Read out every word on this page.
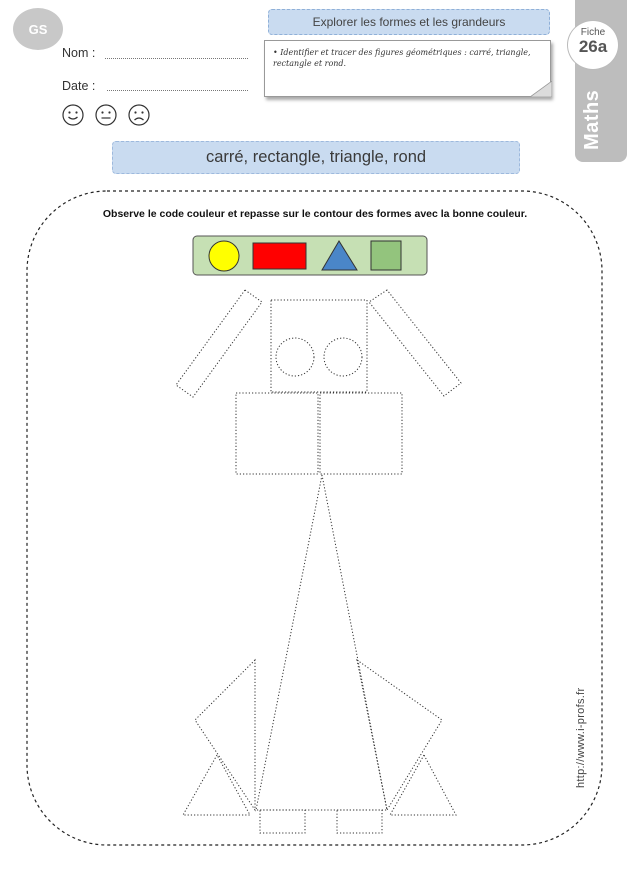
GS
Nom :
Date :
Explorer les formes et les grandeurs
• Identifier et tracer des figures géométriques : carré, triangle, rectangle et rond.
Fiche
26a
Maths
carré, rectangle, triangle, rond
Observe le code couleur et repasse sur le contour des formes avec la bonne couleur.
http://www.i-profs.fr
